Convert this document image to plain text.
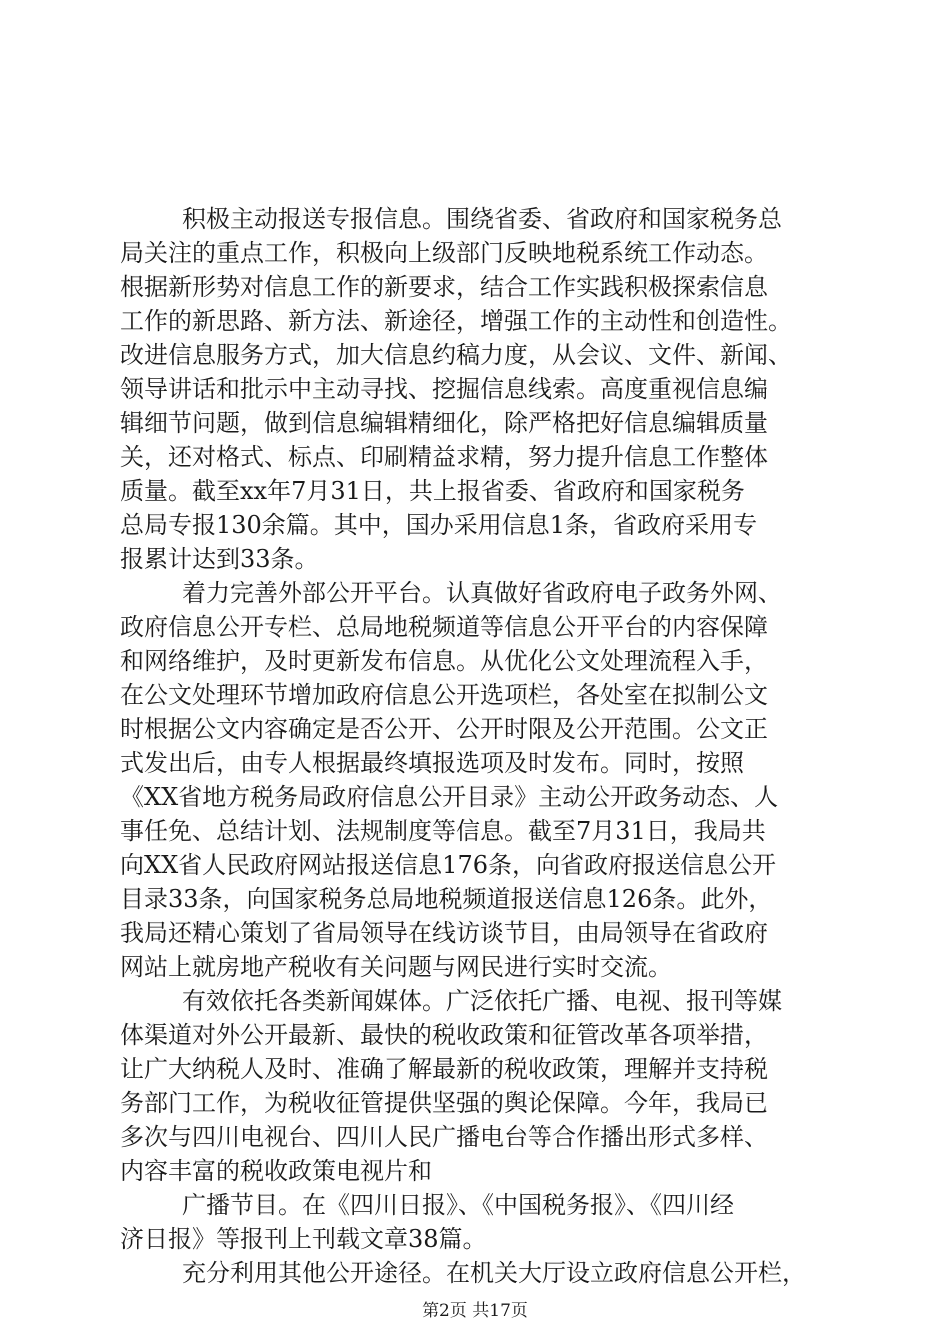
积极主动报送专报信息。围绕省委、省政府和国家税务总
局关注的重点工作，积极向上级部门反映地税系统工作动态。
根据新形势对信息工作的新要求，结合工作实践积极探索信息
工作的新思路、新方法、新途径，增强工作的主动性和创造性。
改进信息服务方式，加大信息约稿力度，从会议、文件、新闻、
领导讲话和批示中主动寻找、挖掘信息线索。高度重视信息编
辑细节问题，做到信息编辑精细化，除严格把好信息编辑质量
关，还对格式、标点、印刷精益求精，努力提升信息工作整体
质量。截至xx年7月31日，共上报省委、省政府和国家税务
总局专报130余篇。其中，国办采用信息1条，省政府采用专
报累计达到33条。
着力完善外部公开平台。认真做好省政府电子政务外网、
政府信息公开专栏、总局地税频道等信息公开平台的内容保障
和网络维护，及时更新发布信息。从优化公文处理流程入手，
在公文处理环节增加政府信息公开选项栏，各处室在拟制公文
时根据公文内容确定是否公开、公开时限及公开范围。公文正
式发出后，由专人根据最终填报选项及时发布。同时，按照
《XX省地方税务局政府信息公开目录》主动公开政务动态、人
事任免、总结计划、法规制度等信息。截至7月31日，我局共
向XX省人民政府网站报送信息176条，向省政府报送信息公开
目录33条，向国家税务总局地税频道报送信息126条。此外，
我局还精心策划了省局领导在线访谈节目，由局领导在省政府
网站上就房地产税收有关问题与网民进行实时交流。
有效依托各类新闻媒体。广泛依托广播、电视、报刊等媒
体渠道对外公开最新、最快的税收政策和征管改革各项举措，
让广大纳税人及时、准确了解最新的税收政策，理解并支持税
务部门工作，为税收征管提供坚强的舆论保障。今年，我局已
多次与四川电视台、四川人民广播电台等合作播出形式多样、
内容丰富的税收政策电视片和
广播节目。在《四川日报》、《中国税务报》、《四川经
济日报》等报刊上刊载文章38篇。
充分利用其他公开途径。在机关大厅设立政府信息公开栏，
第2页 共17页
